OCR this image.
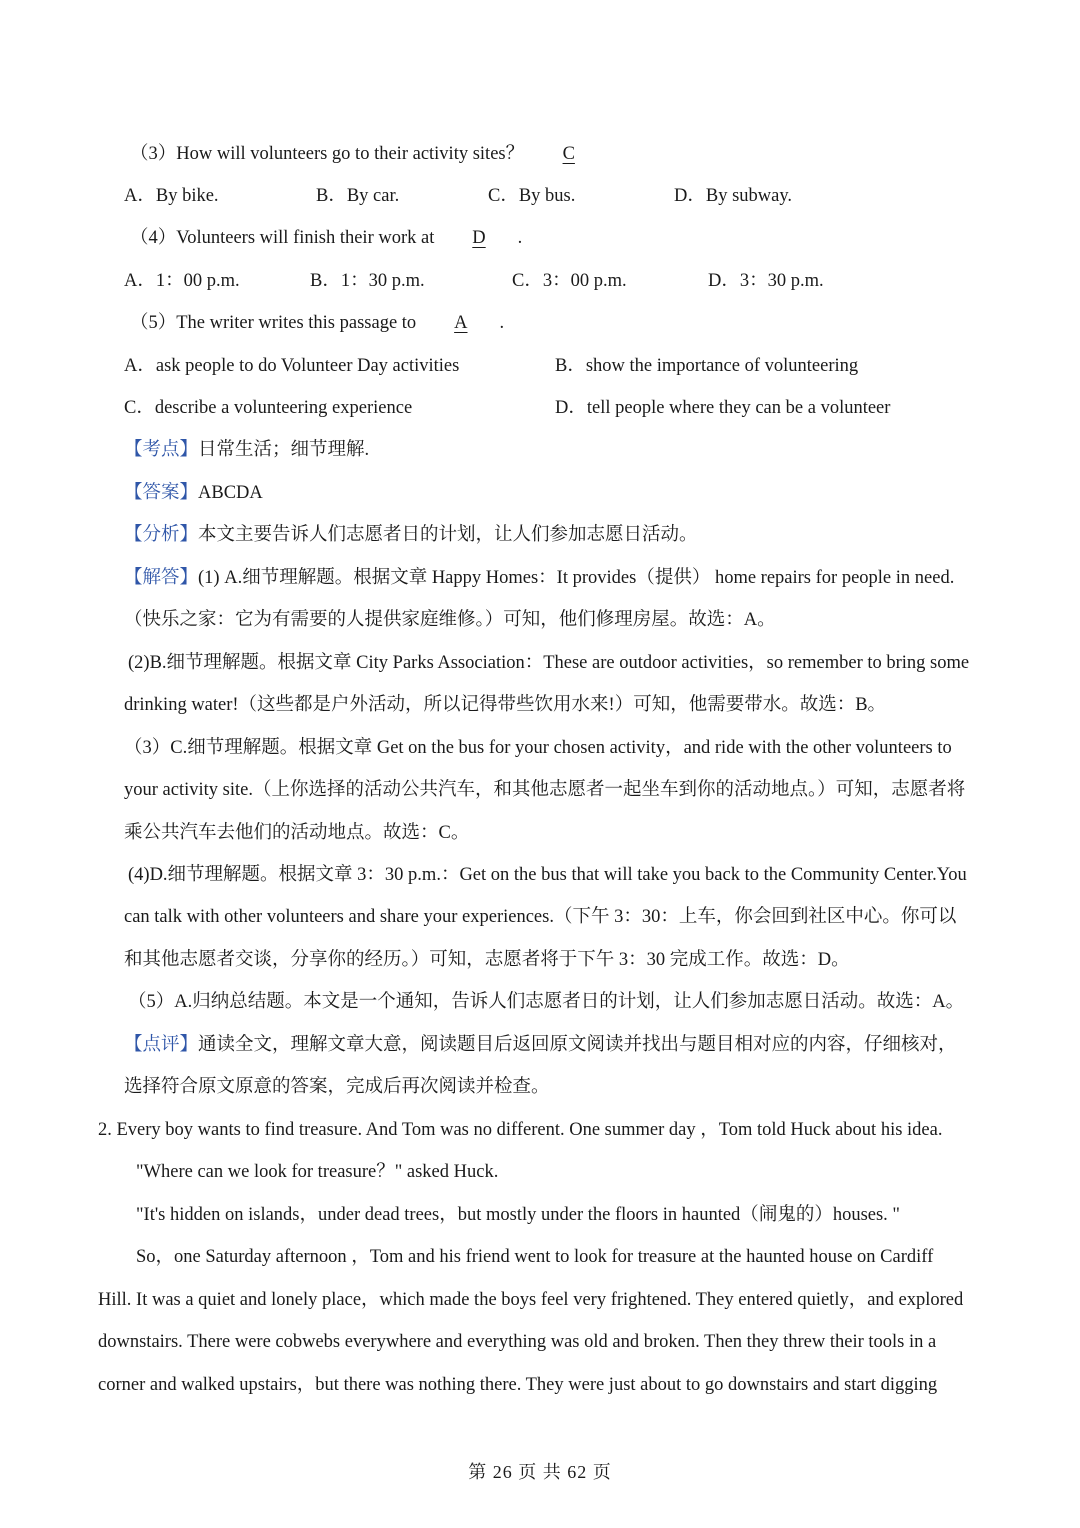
（3）How will volunteers go to their activity sites？ C
A．By bike.	B．By car.	C．By bus.	D．By subway.
（4）Volunteers will finish their work at D .
A．1：00 p.m.	B．1：30 p.m.	C．3：00 p.m.	D．3：30 p.m.
（5）The writer writes this passage to A .
A．ask people to do Volunteer Day activities	B．show the importance of volunteering
C．describe a volunteering experience	D．tell people where they can be a volunteer
【考点】日常生活；细节理解.
【答案】ABCDA
【分析】本文主要告诉人们志愿者日的计划，让人们参加志愿日活动。
【解答】(1) A.细节理解题。根据文章 Happy Homes：It provides（提供） home repairs for people in need.
（快乐之家：它为有需要的人提供家庭维修。）可知，他们修理房屋。故选：A。
(2)B.细节理解题。根据文章 City Parks Association：These are outdoor activities，so remember to bring some
drinking water!（这些都是户外活动，所以记得带些饮用水来!）可知，他需要带水。故选：B。
（3）C.细节理解题。根据文章 Get on the bus for your chosen activity，and ride with the other volunteers to
your activity site.（上你选择的活动公共汽车，和其他志愿者一起坐车到你的活动地点。）可知，志愿者将
乘公共汽车去他们的活动地点。故选：C。
(4)D.细节理解题。根据文章 3：30 p.m.：Get on the bus that will take you back to the Community Center.You
can talk with other volunteers and share your experiences.（下午 3：30：上车，你会回到社区中心。你可以
和其他志愿者交谈，分享你的经历。）可知，志愿者将于下午 3：30 完成工作。故选：D。
（5）A.归纳总结题。本文是一个通知，告诉人们志愿者日的计划，让人们参加志愿日活动。故选：A。
【点评】通读全文，理解文章大意，阅读题目后返回原文阅读并找出与题目相对应的内容，仔细核对，
选择符合原文原意的答案，完成后再次阅读并检查。
2. Every boy wants to find treasure. And Tom was no different. One summer day ，Tom told Huck about his idea.
"Where can we look for treasure？" asked Huck.
"It's hidden on islands，under dead trees，but mostly under the floors in haunted（闹鬼的）houses. "
So，one Saturday afternoon ，Tom and his friend went to look for treasure at the haunted house on Cardiff
Hill. It was a quiet and lonely place，which made the boys feel very frightened. They entered quietly，and explored
downstairs. There were cobwebs everywhere and everything was old and broken. Then they threw their tools in a
corner and walked upstairs，but there was nothing there. They were just about to go downstairs and start digging
第 26 页 共 62 页
